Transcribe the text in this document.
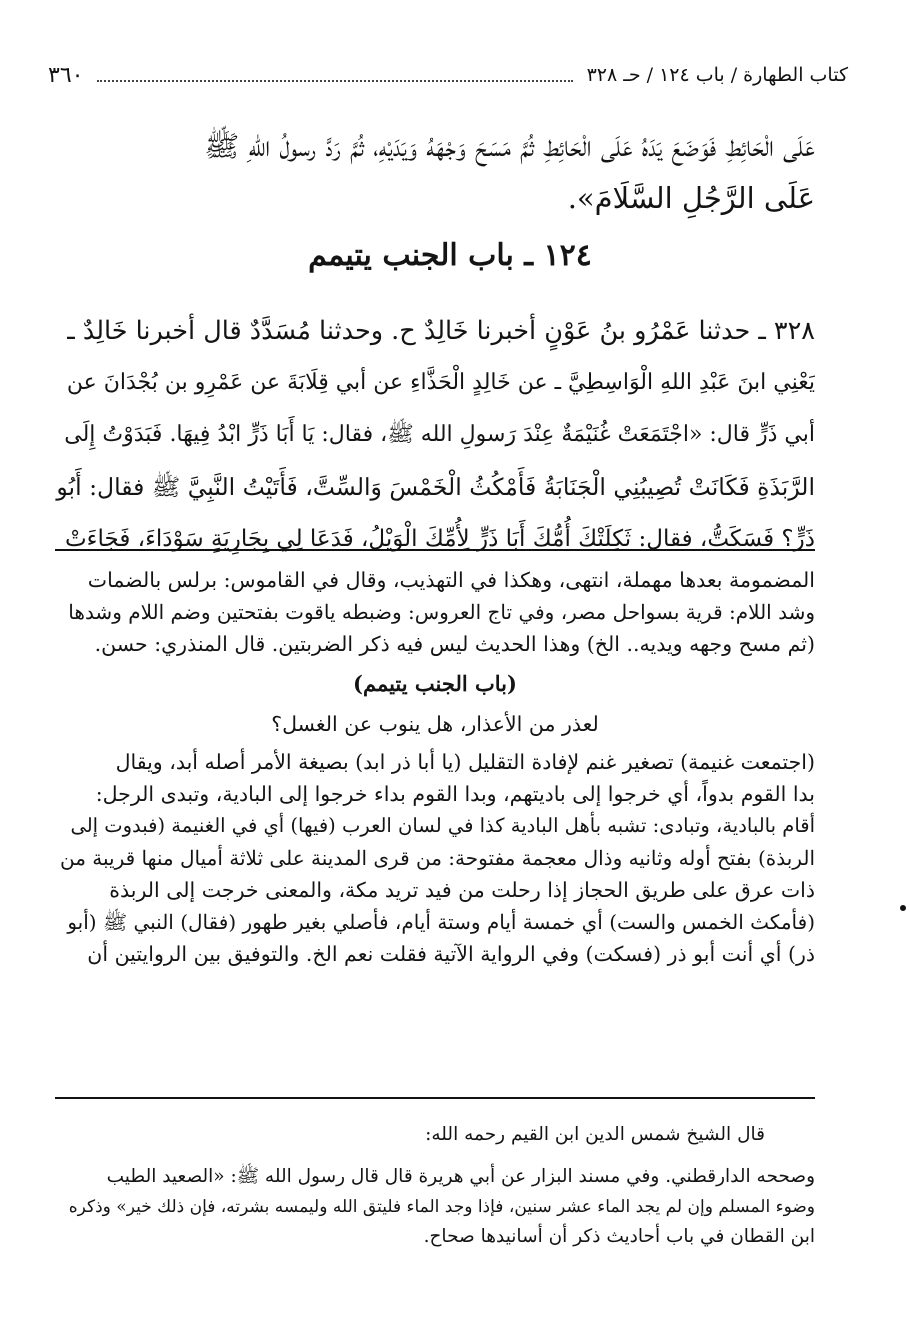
٣٦٠	كتاب الطهارة / باب ١٢٤ / حـ ٣٢٨
عَلَى الْحَائِطِ فَوَضَعَ يَدَهُ عَلَى الْحَائِطِ ثُمَّ مَسَحَ وَجْهَهُ وَيَدَيْهِ، ثُمَّ رَدَّ رسولُ اللهِ ﷺ
عَلَى الرَّجُلِ السَّلَامَ».
١٢٤ ـ باب الجنب يتيمم
٣٢٨ ـ حدثنا عَمْرُو بنُ عَوْنٍ أخبرنا خَالِدٌ ح. وحدثنا مُسَدَّدٌ قال أخبرنا خَالِدٌ ـ
يَعْنِي ابنَ عَبْدِ اللهِ الْوَاسِطِيَّ ـ عن خَالِدٍ الْحَذَّاءِ عن أبي قِلَابَةَ عن عَمْرِو بن بُجْدَانَ عن
أبي ذَرٍّ قال: «اجْتَمَعَتْ غُنَيْمَةٌ عِنْدَ رَسولِ الله ﷺ، فقال: يَا أَبَا ذَرٍّ ابْدُ فِيهَا. فَبَدَوْتُ إِلَى
الرَّبَذَةِ فَكَانَتْ تُصِيبُنِي الْجَنَابَةُ فَأَمْكُثُ الْخَمْسَ وَالسِّتَّ، فَأَتَيْتُ النَّبِيَّ ﷺ فقال: أَبُو
ذَرٍّ؟ فَسَكَتُّ، فقال: ثَكِلَتْكَ أُمُّكَ أَبَا ذَرٍّ لِأُمِّكَ الْوَيْلُ، فَدَعَا لِي بِجَارِيَةٍ سَوْدَاءَ، فَجَاءَتْ
المضمومة بعدها مهملة، انتهى، وهكذا في التهذيب، وقال في القاموس: برلس بالضمات
وشد اللام: قرية بسواحل مصر، وفي تاج العروس: وضبطه ياقوت بفتحتين وضم اللام وشدها
(ثم مسح وجهه ويديه.. الخ) وهذا الحديث ليس فيه ذكر الضربتين. قال المنذري: حسن.
(باب الجنب يتيمم)
لعذر من الأعذار، هل ينوب عن الغسل؟
(اجتمعت غنيمة) تصغير غنم لإفادة التقليل (يا أبا ذر ابد) بصيغة الأمر أصله أبد، ويقال
بدا القوم بدواً، أي خرجوا إلى باديتهم، وبدا القوم بداء خرجوا إلى البادية، وتبدى الرجل:
أقام بالبادية، وتبادى: تشبه بأهل البادية كذا في لسان العرب (فيها) أي في الغنيمة (فبدوت إلى
الربذة) بفتح أوله وثانيه وذال معجمة مفتوحة: من قرى المدينة على ثلاثة أميال منها قريبة من
ذات عرق على طريق الحجاز إذا رحلت من فيد تريد مكة، والمعنى خرجت إلى الربذة
(فأمكث الخمس والست) أي خمسة أيام وستة أيام، فأصلي بغير طهور (فقال) النبي ﷺ (أبو
ذر) أي أنت أبو ذر (فسكت) وفي الرواية الآتية فقلت نعم الخ. والتوفيق بين الروايتين أن
قال الشيخ شمس الدين ابن القيم رحمه الله:
وصححه الدارقطني. وفي مسند البزار عن أبي هريرة قال قال رسول الله ﷺ: «الصعيد الطيب
وضوء المسلم وإن لم يجد الماء عشر سنين، فإذا وجد الماء فليتق الله وليمسه بشرته، فإن ذلك خير» وذكره
ابن القطان في باب أحاديث ذكر أن أسانيدها صحاح.
